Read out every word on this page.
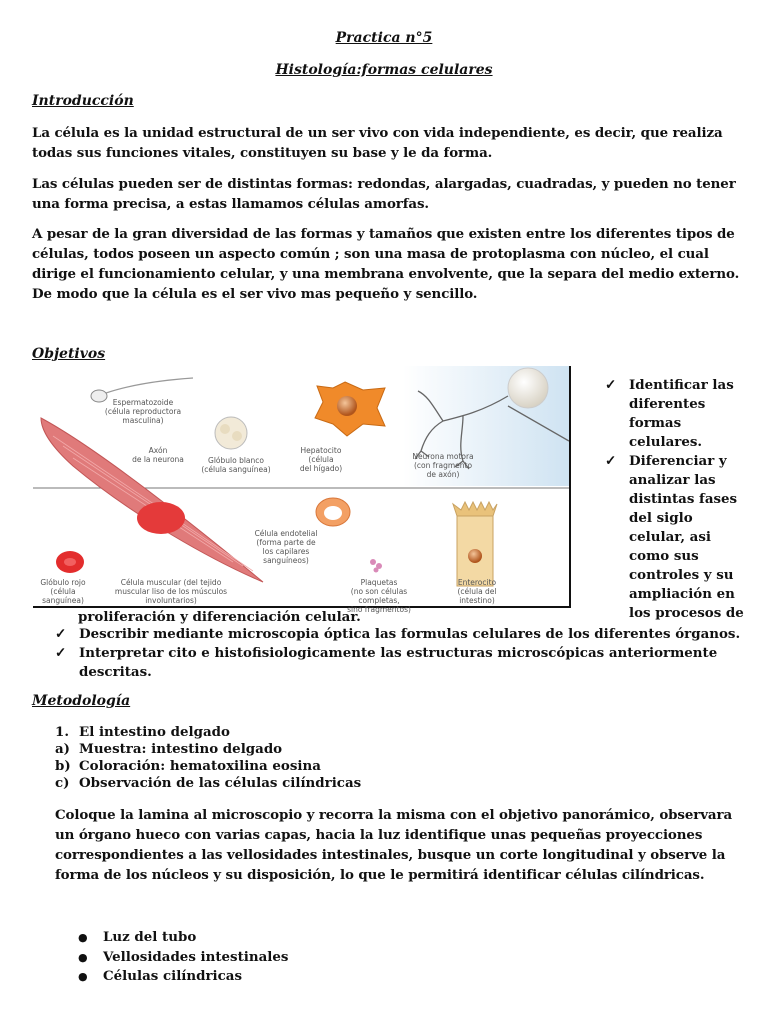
Practica n°5
Histología:formas celulares
Introducción
La célula es la unidad estructural de un ser vivo con vida independiente, es decir, que realiza todas sus funciones vitales, constituyen su base y le da forma.
Las células pueden ser de distintas formas: redondas, alargadas, cuadradas, y pueden no tener una forma precisa, a estas llamamos células amorfas.
A pesar de la gran diversidad de las formas y tamaños que existen entre los diferentes tipos de células, todos poseen un aspecto común ; son una masa de protoplasma con núcleo, el cual dirige el funcionamiento celular, y una membrana envolvente, que la separa del medio externo. De modo que la célula es el ser vivo mas pequeño y sencillo.
Objetivos
Espermatozoide
(célula reproductora
masculina)
Axón
de la neurona	Glóbulo blanco
(célula sanguínea)
Hepatocito
(célula
del hígado)
Neurona motora
(con fragmento
de axón)
Célula endotelial
(forma parte de
los capilares
sanguíneos)
Glóbulo rojo
(célula
sanguínea)
Célula muscular (del tejido
muscular liso de los músculos
involuntarios)
Plaquetas
(no son células completas,
sino fragmentos)
Enterocito
(célula del intestino)
✓ Identificar las diferentes formas celulares.
✓ Diferenciar y analizar las distintas fases del siglo celular, asi como sus controles y su ampliación en los procesos de
proliferación y diferenciación celular.
✓ Describir mediante microscopia óptica las formulas celulares de los diferentes órganos.
✓ Interpretar cito e histofisiologicamente las estructuras microscópicas anteriormente descritas.
Metodología
1. El intestino delgado
a) Muestra: intestino delgado
b) Coloración: hematoxilina eosina
c) Observación de las células cilíndricas
Coloque la lamina al microscopio y recorra la misma con el objetivo panorámico, observara un órgano hueco con varias capas, hacia la luz identifique unas pequeñas proyecciones correspondientes a las vellosidades intestinales, busque un corte longitudinal y observe la forma de los núcleos y su disposición, lo que le permitirá identificar células cilíndricas.
●	Luz del tubo
●	Vellosidades intestinales
●	Células cilíndricas
